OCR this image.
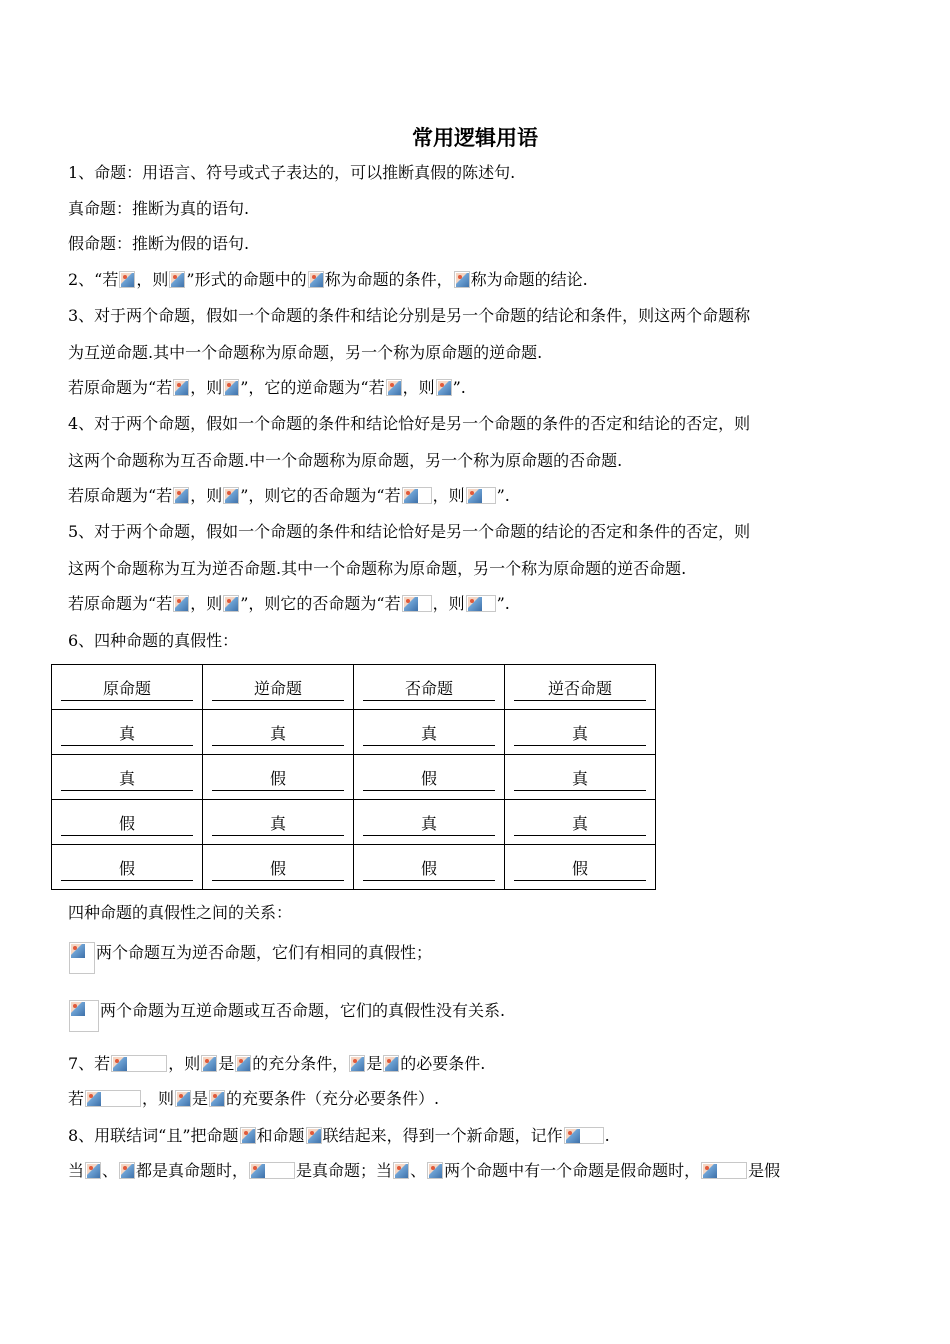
常用逻辑用语
1、命题：用语言、符号或式子表达的，可以推断真假的陈述句.
真命题：推断为真的语句.
假命题：推断为假的语句.
2、“若 ，则 ”形式的命题中的 称为命题的条件， 称为命题的结论.
3、对于两个命题，假如一个命题的条件和结论分别是另一个命题的结论和条件，则这两个命题称
为互逆命题.其中一个命题称为原命题，另一个称为原命题的逆命题.
若原命题为“若 ，则 ”，它的逆命题为“若 ，则 ”.
4、对于两个命题，假如一个命题的条件和结论恰好是另一个命题的条件的否定和结论的否定，则
这两个命题称为互否命题.中一个命题称为原命题，另一个称为原命题的否命题.
若原命题为“若 ，则 ”，则它的否命题为“若 ，则 ”.
5、对于两个命题，假如一个命题的条件和结论恰好是另一个命题的结论的否定和条件的否定，则
这两个命题称为互为逆否命题.其中一个命题称为原命题，另一个称为原命题的逆否命题.
若原命题为“若 ，则 ”，则它的否命题为“若 ，则 ”.
6、四种命题的真假性：
原命题	逆命题	否命题	逆否命题

真	真	真	真

真	假	假	真

假	真	真	真

假	假	假	假
四种命题的真假性之间的关系：
两个命题互为逆否命题，它们有相同的真假性；
两个命题为互逆命题或互否命题，它们的真假性没有关系.
7、若	，则 是 的充分条件， 是 的必要条件.
若	，则 是 的充要条件（充分必要条件）.
8、用联结词“且”把命题 和命题 联结起来，得到一个新命题，记作	.
当 、 都是真命题时，	是真命题；当 、 两个命题中有一个命题是假命题时，	是假
